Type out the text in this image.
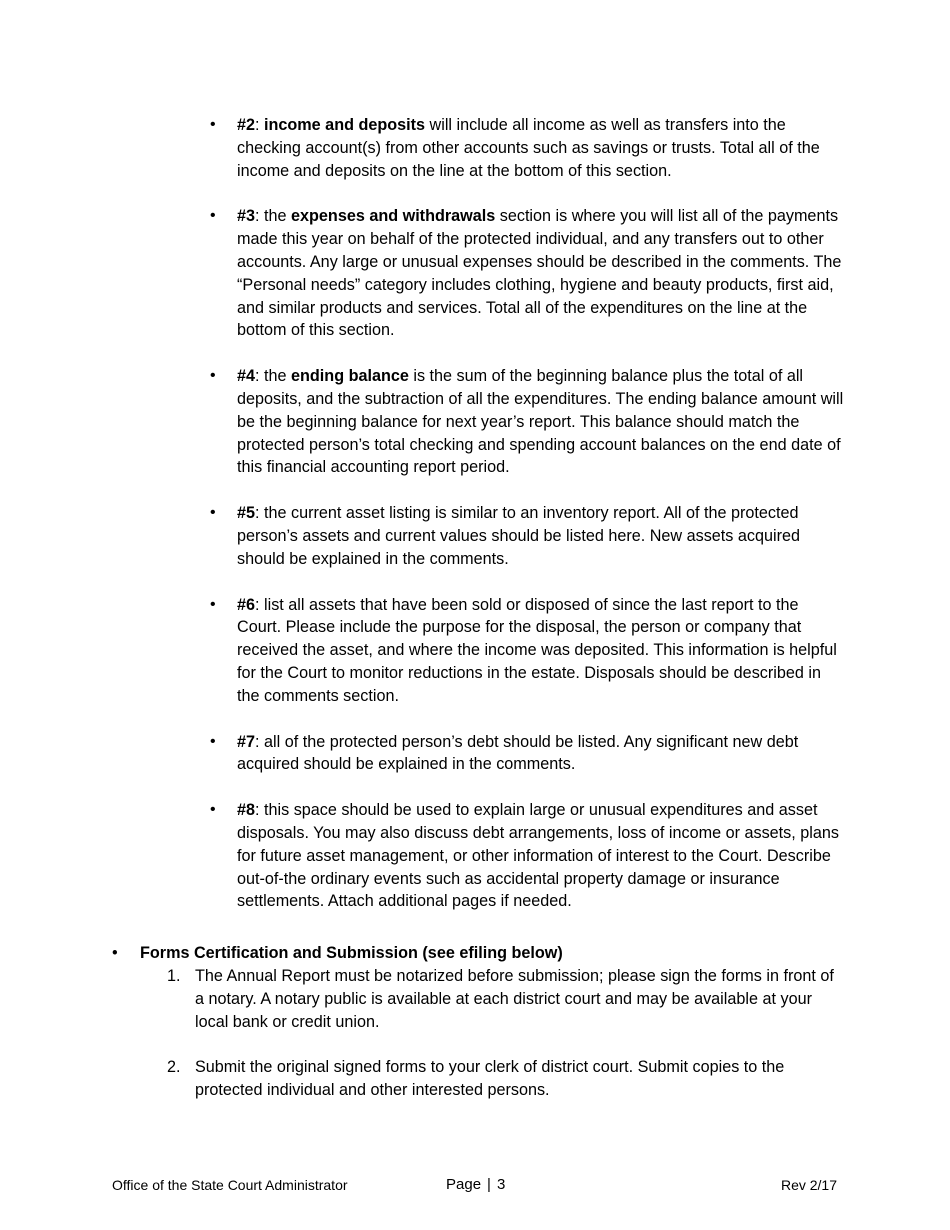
• #2: income and deposits will include all income as well as transfers into the checking account(s) from other accounts such as savings or trusts. Total all of the income and deposits on the line at the bottom of this section.
• #3: the expenses and withdrawals section is where you will list all of the payments made this year on behalf of the protected individual, and any transfers out to other accounts. Any large or unusual expenses should be described in the comments. The “Personal needs” category includes clothing, hygiene and beauty products, first aid, and similar products and services. Total all of the expenditures on the line at the bottom of this section.
• #4: the ending balance is the sum of the beginning balance plus the total of all deposits, and the subtraction of all the expenditures. The ending balance amount will be the beginning balance for next year’s report. This balance should match the protected person’s total checking and spending account balances on the end date of this financial accounting report period.
• #5: the current asset listing is similar to an inventory report. All of the protected person’s assets and current values should be listed here. New assets acquired should be explained in the comments.
• #6: list all assets that have been sold or disposed of since the last report to the Court. Please include the purpose for the disposal, the person or company that received the asset, and where the income was deposited. This information is helpful for the Court to monitor reductions in the estate. Disposals should be described in the comments section.
• #7: all of the protected person’s debt should be listed. Any significant new debt acquired should be explained in the comments.
• #8: this space should be used to explain large or unusual expenditures and asset disposals. You may also discuss debt arrangements, loss of income or assets, plans for future asset management, or other information of interest to the Court. Describe out-of-the ordinary events such as accidental property damage or insurance settlements. Attach additional pages if needed.
• Forms Certification and Submission (see efiling below)
1. The Annual Report must be notarized before submission; please sign the forms in front of a notary. A notary public is available at each district court and may be available at your local bank or credit union.
2. Submit the original signed forms to your clerk of district court. Submit copies to the protected individual and other interested persons.
Office of the State Court Administrator	Page | 3	Rev 2/17
